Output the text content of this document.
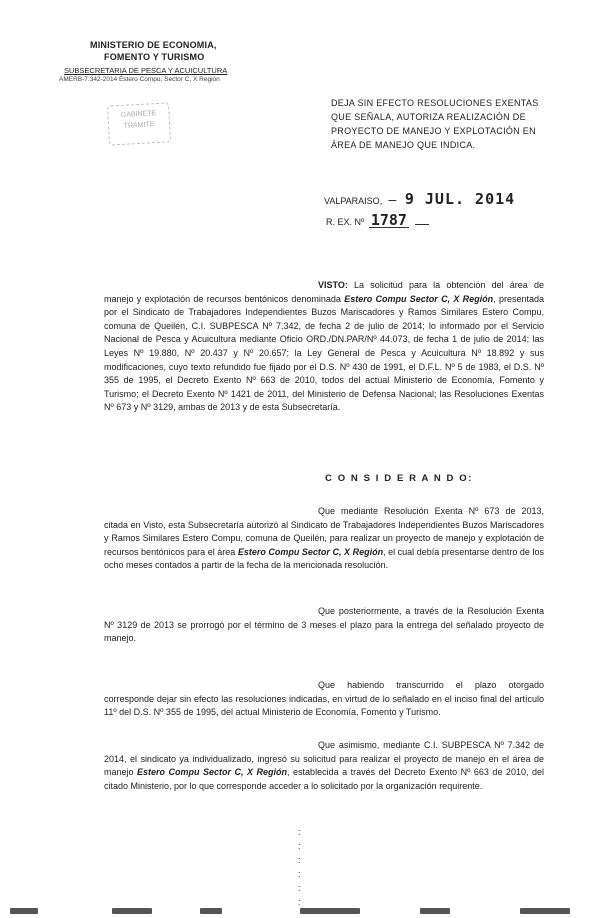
MINISTERIO DE ECONOMIA,
FOMENTO Y TURISMO
SUBSECRETARIA DE PESCA Y ACUICULTURA
AMERB-7.342-2014 Estero Compu, Sector C, X Región
GABINETE
TRAMITE
DEJA SIN EFECTO RESOLUCIONES EXENTAS QUE SEÑALA, AUTORIZA REALIZACIÓN DE PROYECTO DE MANEJO Y EXPLOTACIÓN EN ÁREA DE MANEJO QUE INDICA.
VALPARAISO, – 9 JUL. 2014
R. EX. Nº 1787
VISTO: La solicitud para la obtención del área de manejo y explotación de recursos bentónicos denominada Estero Compu Sector C, X Región, presentada por el Sindicato de Trabajadores Independientes Buzos Mariscadores y Ramos Similares Estero Compu, comuna de Queilén, C.I. SUBPESCA Nº 7.342, de fecha 2 de julio de 2014; lo informado por el Servicio Nacional de Pesca y Acuicultura mediante Oficio ORD./DN.PAR/Nº 44.073, de fecha 1 de julio de 2014; las Leyes Nº 19.880, Nº 20.437 y Nº 20.657; la Ley General de Pesca y Acuicultura Nº 18.892 y sus modificaciones, cuyo texto refundido fue fijado por el D.S. Nº 430 de 1991, el D.F.L. Nº 5 de 1983, el D.S. Nº 355 de 1995, el Decreto Exento Nº 663 de 2010, todos del actual Ministerio de Economía, Fomento y Turismo; el Decreto Exento Nº 1421 de 2011, del Ministerio de Defensa Nacional; las Resoluciones Exentas Nº 673 y Nº 3129, ambas de 2013 y de esta Subsecretaría.
C O N S I D E R A N D O:
Que mediante Resolución Exenta Nº 673 de 2013, citada en Visto, esta Subsecretaría autorizó al Sindicato de Trabajadores Independientes Buzos Mariscadores y Ramos Similares Estero Compu, comuna de Queilén, para realizar un proyecto de manejo y explotación de recursos bentónicos para el área Estero Compu Sector C, X Región, el cual debía presentarse dentro de los ocho meses contados a partir de la fecha de la mencionada resolución.
Que posteriormente, a través de la Resolución Exenta Nº 3129 de 2013 se prorrogó por el término de 3 meses el plazo para la entrega del señalado proyecto de manejo.
Que habiendo transcurrido el plazo otorgado corresponde dejar sin efecto las resoluciones indicadas, en virtud de lo señalado en el inciso final del artículo 11º del D.S. Nº 355 de 1995, del actual Ministerio de Economía, Fomento y Turismo.
Que asimismo, mediante C.I. SUBPESCA Nº 7.342 de 2014, el sindicato ya individualizado, ingresó su solicitud para realizar el proyecto de manejo en el área de manejo Estero Compu Sector C, X Región, establecida a través del Decreto Exento Nº 663 de 2010, del citado Ministerio, por lo que corresponde acceder a lo solicitado por la organización requirente.
:
:
:
:
:
:
